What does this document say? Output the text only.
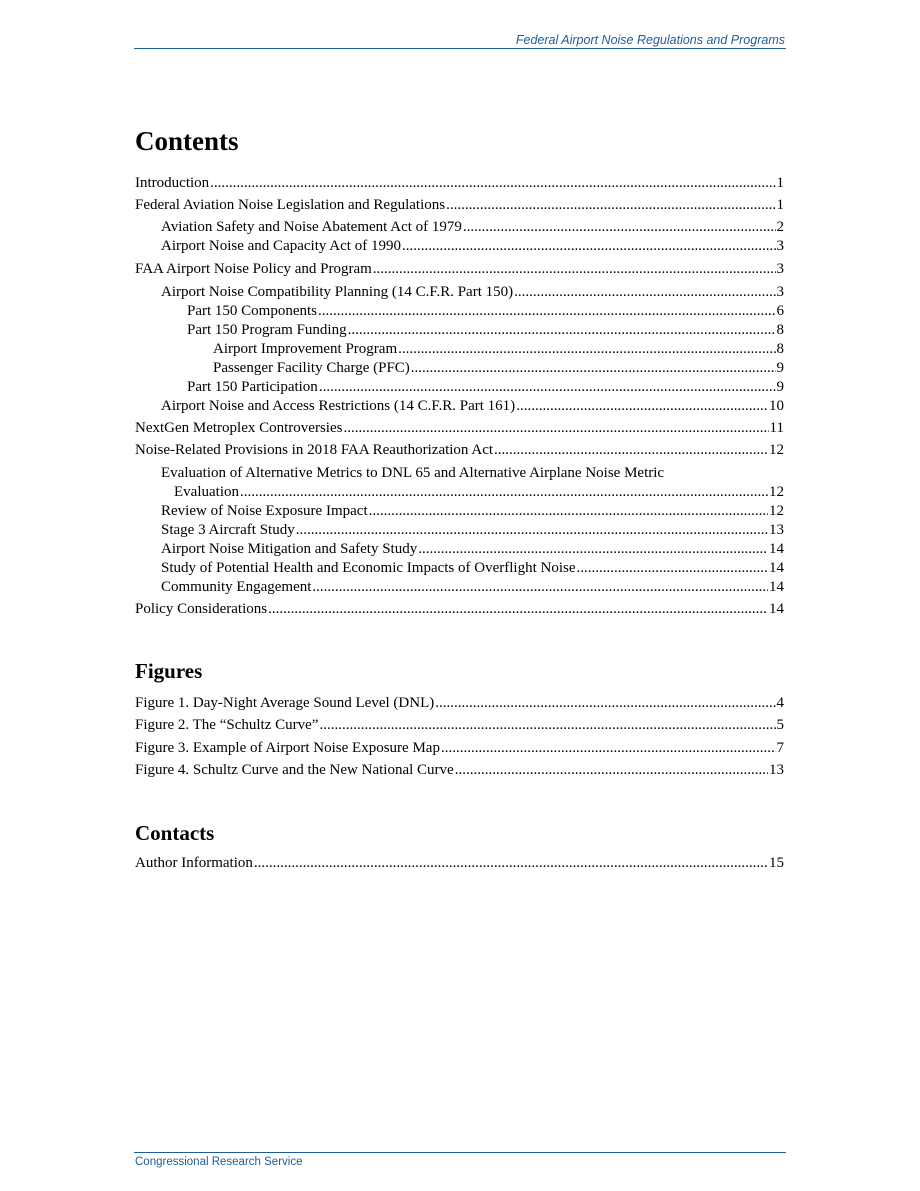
Federal Airport Noise Regulations and Programs
Contents
Introduction .....	1
Federal Aviation Noise Legislation and Regulations .....	1
Aviation Safety and Noise Abatement Act of 1979 .....	2
Airport Noise and Capacity Act of 1990 .....	3
FAA Airport Noise Policy and Program .....	3
Airport Noise Compatibility Planning (14 C.F.R. Part 150) .....	3
Part 150 Components .....	6
Part 150 Program Funding .....	8
Airport Improvement Program .....	8
Passenger Facility Charge (PFC) .....	9
Part 150 Participation .....	9
Airport Noise and Access Restrictions (14 C.F.R. Part 161) .....	10
NextGen Metroplex Controversies .....	11
Noise-Related Provisions in 2018 FAA Reauthorization Act .....	12
Evaluation of Alternative Metrics to DNL 65 and Alternative Airplane Noise Metric
Evaluation .....	12
Review of Noise Exposure Impact .....	12
Stage 3 Aircraft Study .....	13
Airport Noise Mitigation and Safety Study .....	14
Study of Potential Health and Economic Impacts of Overflight Noise .....	14
Community Engagement .....	14
Policy Considerations .....	14
Figures
Figure 1. Day-Night Average Sound Level (DNL) .....	4
Figure 2. The “Schultz Curve” .....	5
Figure 3. Example of Airport Noise Exposure Map .....	7
Figure 4. Schultz Curve and the New National Curve .....	13
Contacts
Author Information .....	15
Congressional Research Service
